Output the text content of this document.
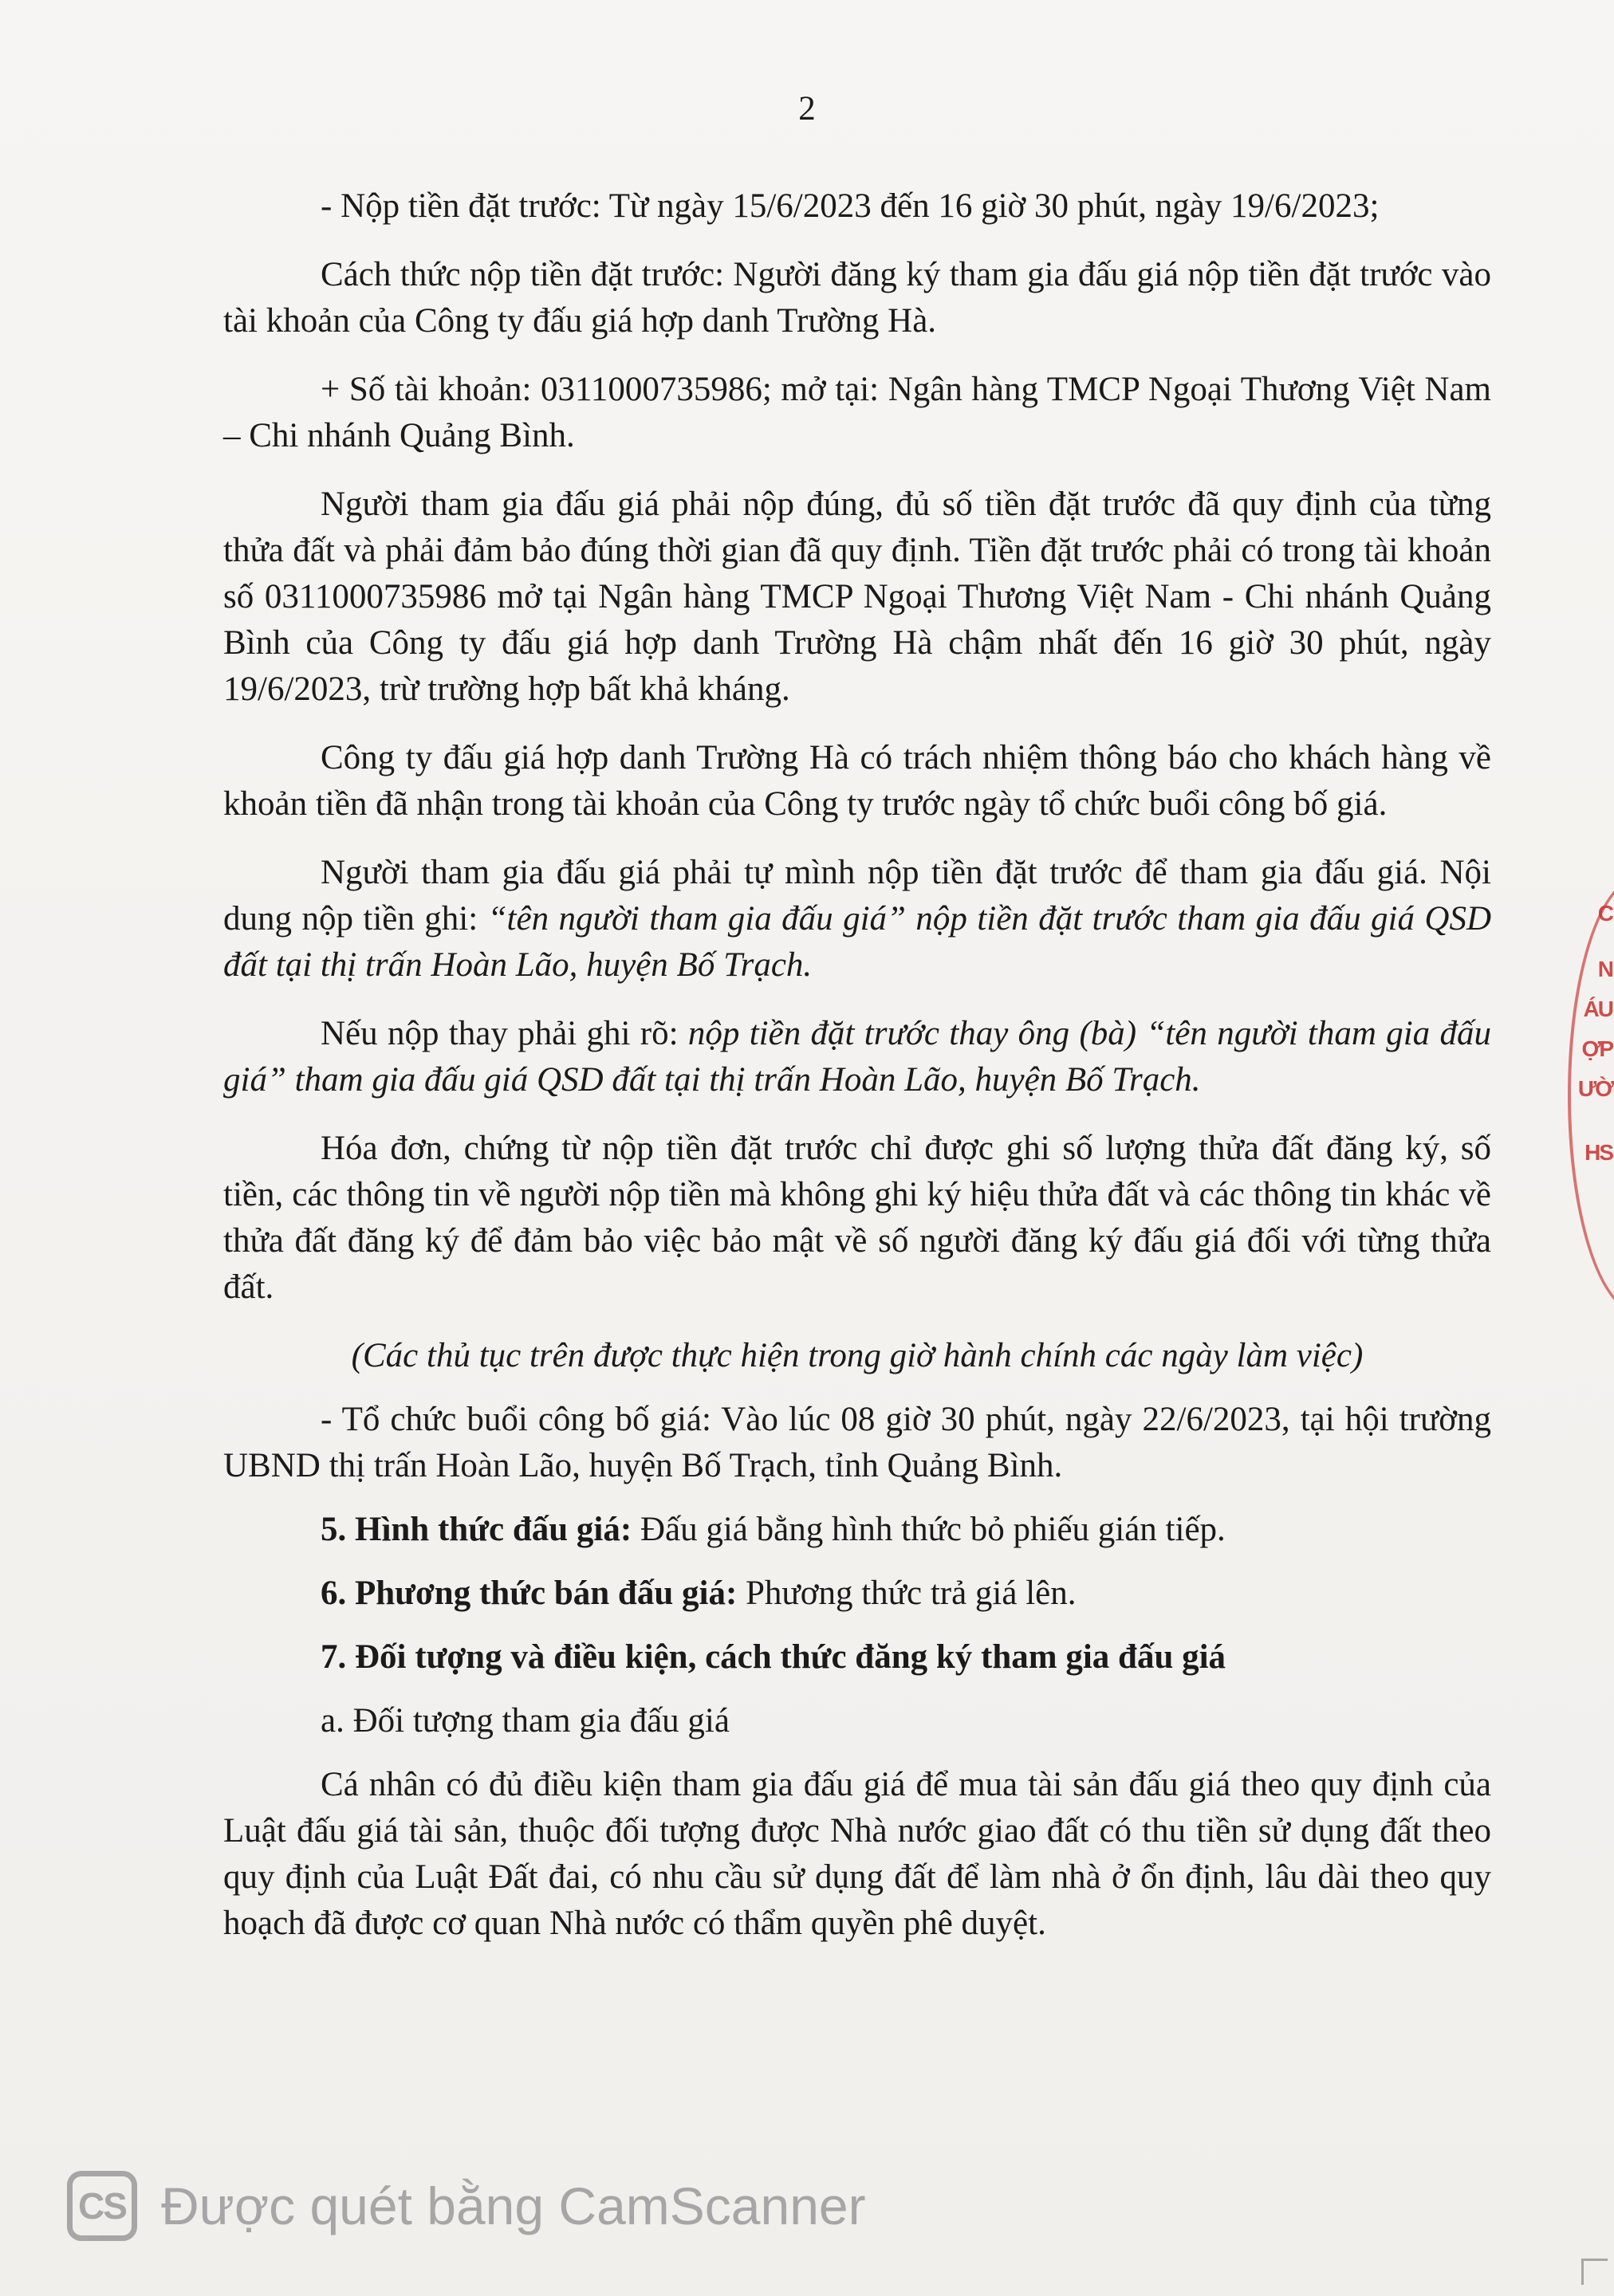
2

- Nộp tiền đặt trước: Từ ngày 15/6/2023 đến 16 giờ 30 phút, ngày 19/6/2023;

Cách thức nộp tiền đặt trước: Người đăng ký tham gia đấu giá nộp tiền đặt trước vào tài khoản của Công ty đấu giá hợp danh Trường Hà.

+ Số tài khoản: 0311000735986; mở tại: Ngân hàng TMCP Ngoại Thương Việt Nam – Chi nhánh Quảng Bình.

Người tham gia đấu giá phải nộp đúng, đủ số tiền đặt trước đã quy định của từng thửa đất và phải đảm bảo đúng thời gian đã quy định. Tiền đặt trước phải có trong tài khoản số 0311000735986 mở tại Ngân hàng TMCP Ngoại Thương Việt Nam - Chi nhánh Quảng Bình của Công ty đấu giá hợp danh Trường Hà chậm nhất đến 16 giờ 30 phút, ngày 19/6/2023, trừ trường hợp bất khả kháng.

Công ty đấu giá hợp danh Trường Hà có trách nhiệm thông báo cho khách hàng về khoản tiền đã nhận trong tài khoản của Công ty trước ngày tổ chức buổi công bố giá.

Người tham gia đấu giá phải tự mình nộp tiền đặt trước để tham gia đấu giá. Nội dung nộp tiền ghi: “tên người tham gia đấu giá” nộp tiền đặt trước tham gia đấu giá QSD đất tại thị trấn Hoàn Lão, huyện Bố Trạch.

Nếu nộp thay phải ghi rõ: nộp tiền đặt trước thay ông (bà) “tên người tham gia đấu giá” tham gia đấu giá QSD đất tại thị trấn Hoàn Lão, huyện Bố Trạch.

Hóa đơn, chứng từ nộp tiền đặt trước chỉ được ghi số lượng thửa đất đăng ký, số tiền, các thông tin về người nộp tiền mà không ghi ký hiệu thửa đất và các thông tin khác về thửa đất đăng ký để đảm bảo việc bảo mật về số người đăng ký đấu giá đối với từng thửa đất.

(Các thủ tục trên được thực hiện trong giờ hành chính các ngày làm việc)

- Tổ chức buổi công bố giá: Vào lúc 08 giờ 30 phút, ngày 22/6/2023, tại hội trường UBND thị trấn Hoàn Lão, huyện Bố Trạch, tỉnh Quảng Bình.

5. Hình thức đấu giá: Đấu giá bằng hình thức bỏ phiếu gián tiếp.

6. Phương thức bán đấu giá: Phương thức trả giá lên.

7. Đối tượng và điều kiện, cách thức đăng ký tham gia đấu giá

a. Đối tượng tham gia đấu giá

Cá nhân có đủ điều kiện tham gia đấu giá để mua tài sản đấu giá theo quy định của Luật đấu giá tài sản, thuộc đối tượng được Nhà nước giao đất có thu tiền sử dụng đất theo quy định của Luật Đất đai, có nhu cầu sử dụng đất để làm nhà ở ổn định, lâu dài theo quy hoạch đã được cơ quan Nhà nước có thẩm quyền phê duyệt.

C
N
ÁU
ỢP
ƯỜ
HS
CS Được quét bằng CamScanner
